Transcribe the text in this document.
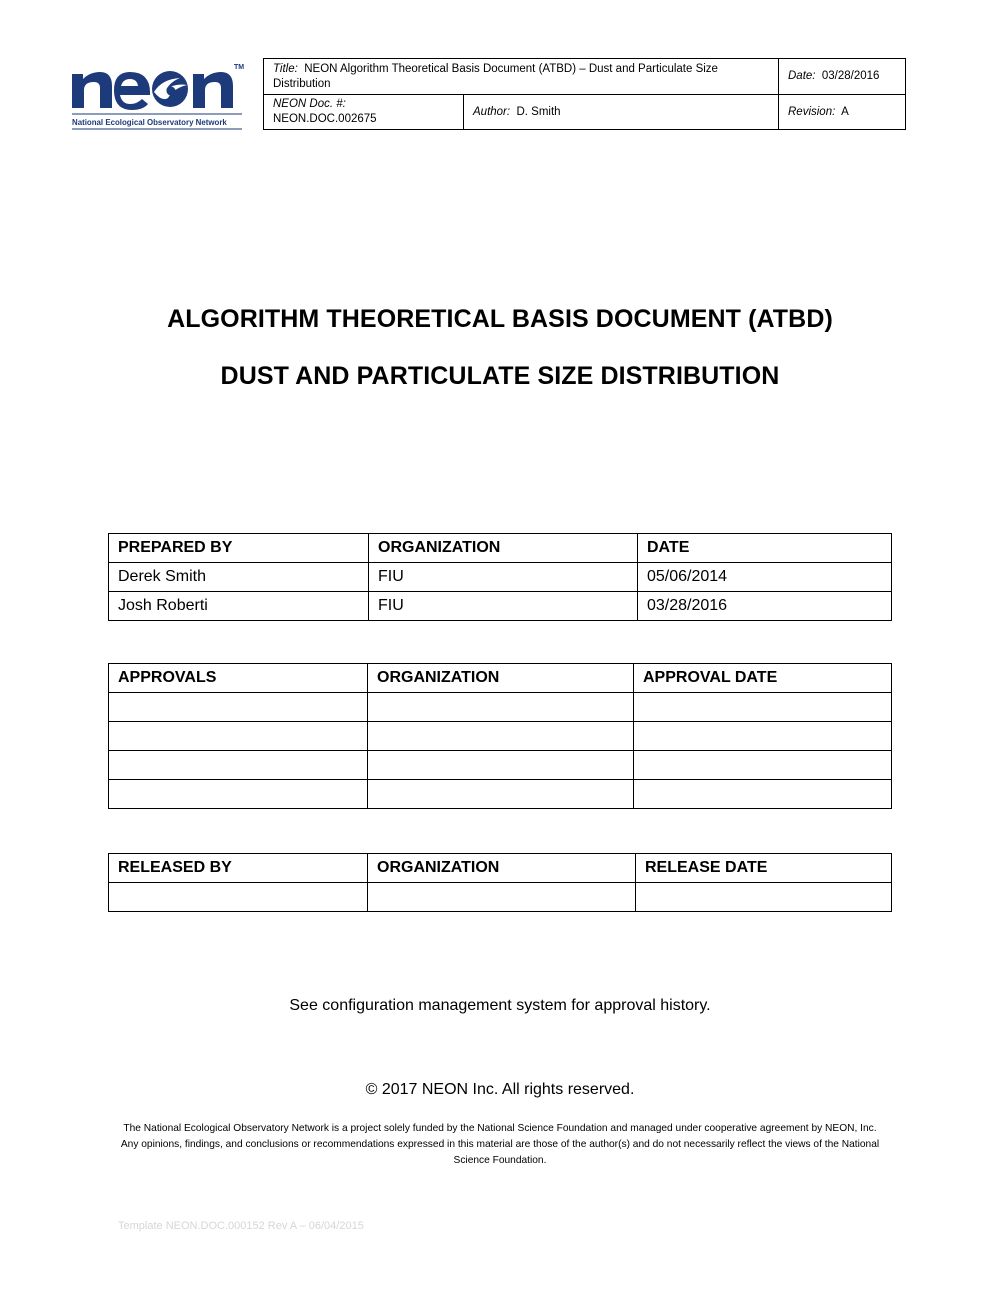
TM
National Ecological Observatory Network
Title: NEON Algorithm Theoretical Basis Document (ATBD) – Dust and Particulate Size Distribution		Date: 03/28/2016
NEON Doc. #:  NEON.DOC.002675	Author: D. Smith	Revision: A
ALGORITHM THEORETICAL BASIS DOCUMENT (ATBD)
DUST AND PARTICULATE SIZE DISTRIBUTION
PREPARED BY	ORGANIZATION	DATE
Derek Smith	FIU	05/06/2014
Josh Roberti	FIU	03/28/2016
APPROVALS	ORGANIZATION	APPROVAL DATE

RELEASED BY	ORGANIZATION	RELEASE DATE

See configuration management system for approval history.
© 2017 NEON Inc. All rights reserved.
The National Ecological Observatory Network is a project solely funded by the National Science Foundation and managed under cooperative agreement by NEON, Inc. Any opinions, findings, and conclusions or recommendations expressed in this material are those of the author(s) and do not necessarily reflect the views of the National Science Foundation.
Template NEON.DOC.000152 Rev A – 06/04/2015
